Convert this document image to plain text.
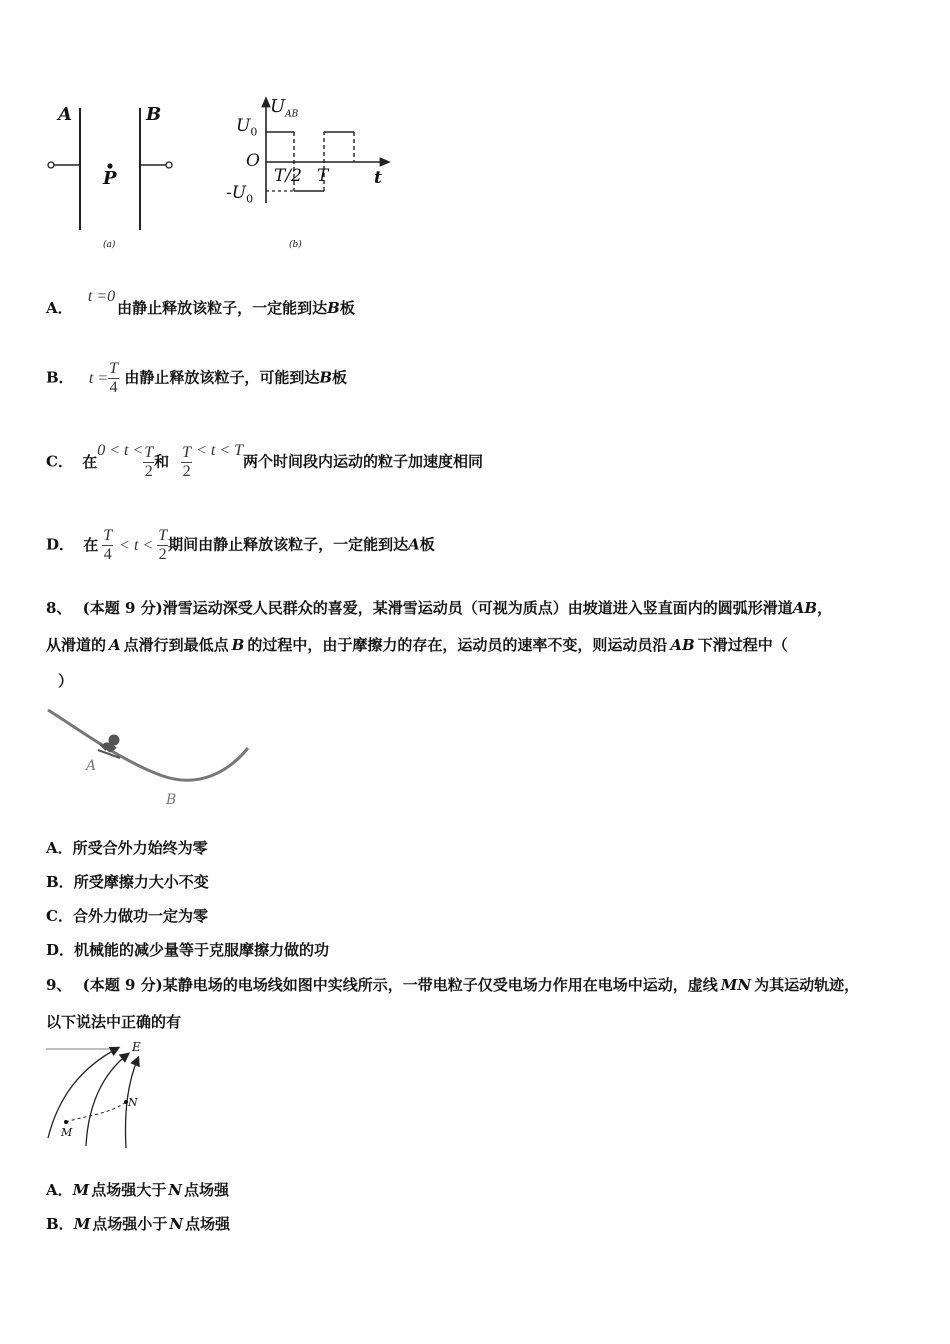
A	B
P
(a)
$U_{AB}$
$U_0$
O
$-U_0$
T/2 T	t
(b)
A． t =0由静止释放该粒子，一定能到达B板
B． $t = \frac{T}{4}$ 由静止释放该粒子，可能到达B板
C． 在$0 < t < \frac{T}{2}$ 和 $\frac{T}{2} < t < T$两个时间段内运动的粒子加速度相同
D． 在 $\frac{T}{4} < t < \frac{T}{2}$ 期间由静止释放该粒子，一定能到达A板
8、 (本题 9 分)滑雪运动深受人民群众的喜爱，某滑雪运动员（可视为质点）由坡道进入竖直面内的圆弧形滑道AB，
从滑道的 A 点滑行到最低点 B 的过程中，由于摩擦力的存在，运动员的速率不变，则运动员沿 AB 下滑过程中（
）
A
B
A．所受合外力始终为零
B．所受摩擦力大小不变
C．合外力做功一定为零
D．机械能的减少量等于克服摩擦力做的功
9、 (本题 9 分)某静电场的电场线如图中实线所示，一带电粒子仅受电场力作用在电场中运动，虚线 MN 为其运动轨迹，
以下说法中正确的有
E
M
N
A．M 点场强大于 N 点场强
B．M 点场强小于 N 点场强
